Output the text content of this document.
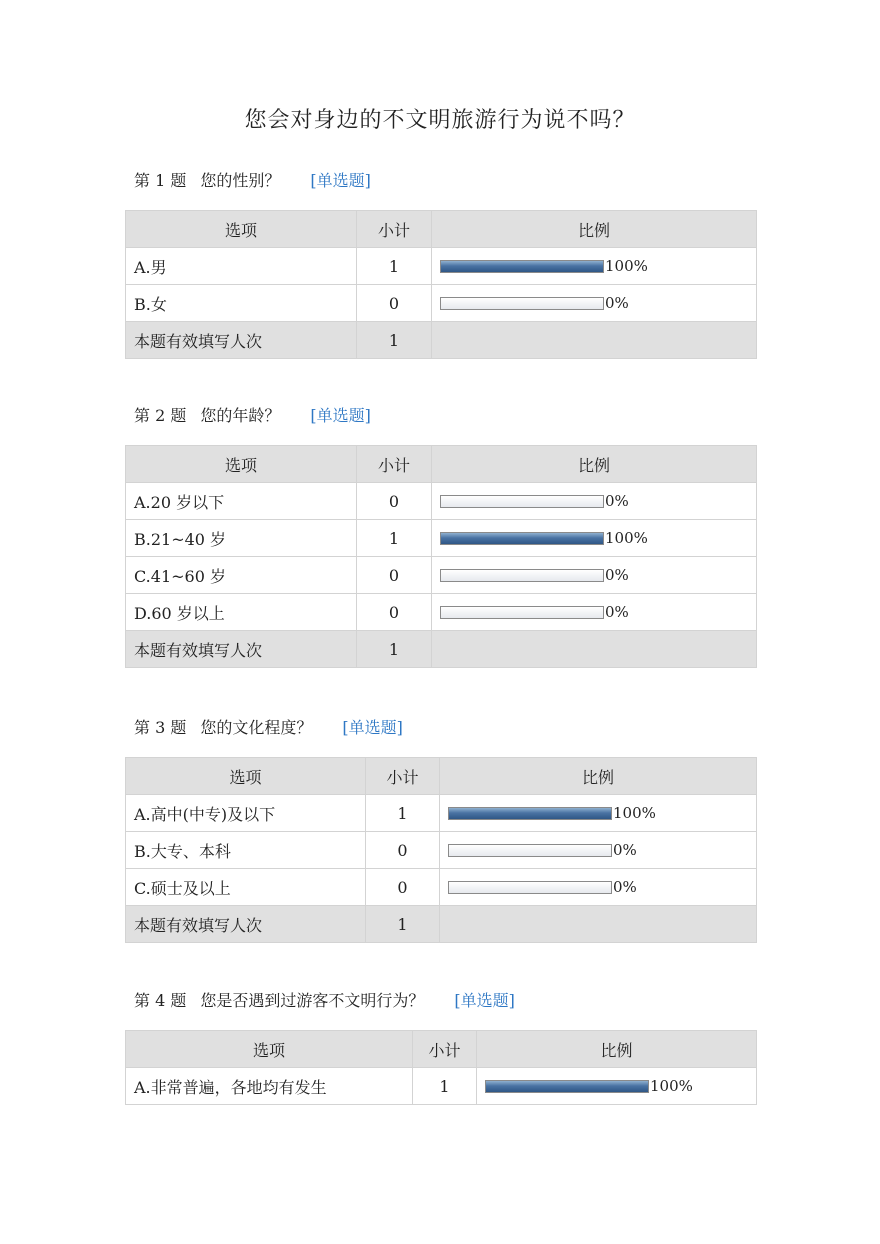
您会对身边的不文明旅游行为说不吗？
第 1 题 您的性别？ [单选题]
选项	小计	比例
A.男	1	100%

B.女	0	0%

本题有效填写人次	1	
第 2 题 您的年龄？ [单选题]
选项	小计	比例
A.20 岁以下	0	0%

B.21~40 岁	1	100%

C.41~60 岁	0	0%

D.60 岁以上	0	0%

本题有效填写人次	1	
第 3 题 您的文化程度？ [单选题]
选项	小计	比例
A.高中(中专)及以下	1	100%

B.大专、本科	0	0%

C.硕士及以上	0	0%

本题有效填写人次	1	
第 4 题 您是否遇到过游客不文明行为？ [单选题]
选项	小计	比例
A.非常普遍，各地均有发生	1	100%
